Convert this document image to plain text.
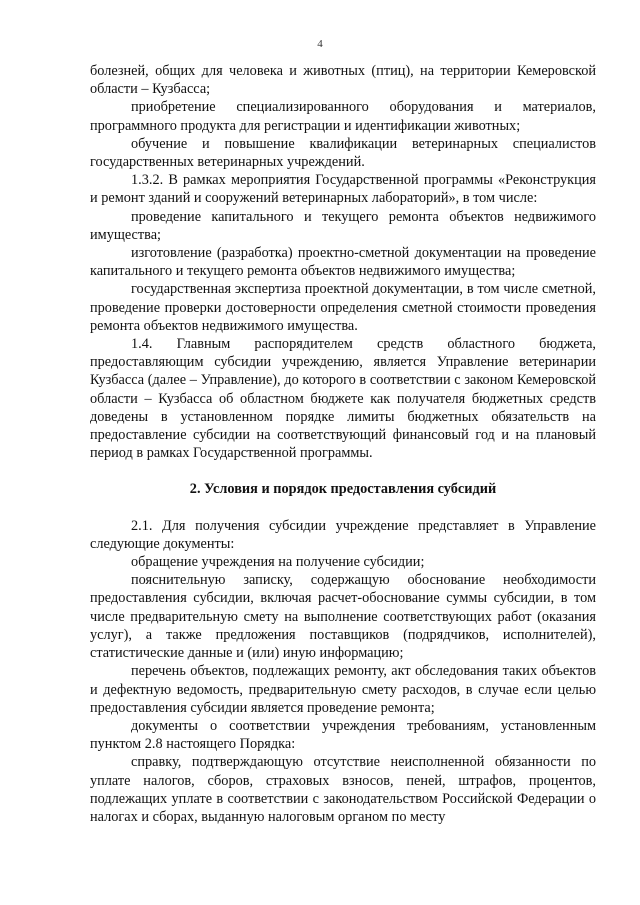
4

болезней, общих для человека и животных (птиц), на территории Кемеровской области – Кузбасса;

приобретение специализированного оборудования и материалов, программного продукта для регистрации и идентификации животных;

обучение и повышение квалификации ветеринарных специалистов государственных ветеринарных учреждений.

1.3.2. В рамках мероприятия Государственной программы «Реконструкция и ремонт зданий и сооружений ветеринарных лабораторий», в том числе:

проведение капитального и текущего ремонта объектов недвижимого имущества;

изготовление (разработка) проектно-сметной документации на проведение капитального и текущего ремонта объектов недвижимого имущества;

государственная экспертиза проектной документации, в том числе сметной, проведение проверки достоверности определения сметной стоимости проведения ремонта объектов недвижимого имущества.

1.4. Главным распорядителем средств областного бюджета, предоставляющим субсидии учреждению, является Управление ветеринарии Кузбасса (далее – Управление), до которого в соответствии с законом Кемеровской области – Кузбасса об областном бюджете как получателя бюджетных средств доведены в установленном порядке лимиты бюджетных обязательств на предоставление субсидии на соответствующий финансовый год и на плановый период в рамках Государственной программы.

2. Условия и порядок предоставления субсидий

2.1. Для получения субсидии учреждение представляет в Управление следующие документы:

обращение учреждения на получение субсидии;

пояснительную записку, содержащую обоснование необходимости предоставления субсидии, включая расчет-обоснование суммы субсидии, в том числе предварительную смету на выполнение соответствующих работ (оказания услуг), а также предложения поставщиков (подрядчиков, исполнителей), статистические данные и (или) иную информацию;

перечень объектов, подлежащих ремонту, акт обследования таких объектов и дефектную ведомость, предварительную смету расходов, в случае если целью предоставления субсидии является проведение ремонта;

документы о соответствии учреждения требованиям, установленным пунктом 2.8 настоящего Порядка:

справку, подтверждающую отсутствие неисполненной обязанности по уплате налогов, сборов, страховых взносов, пеней, штрафов, процентов, подлежащих уплате в соответствии с законодательством Российской Федерации о налогах и сборах, выданную налоговым органом по месту
